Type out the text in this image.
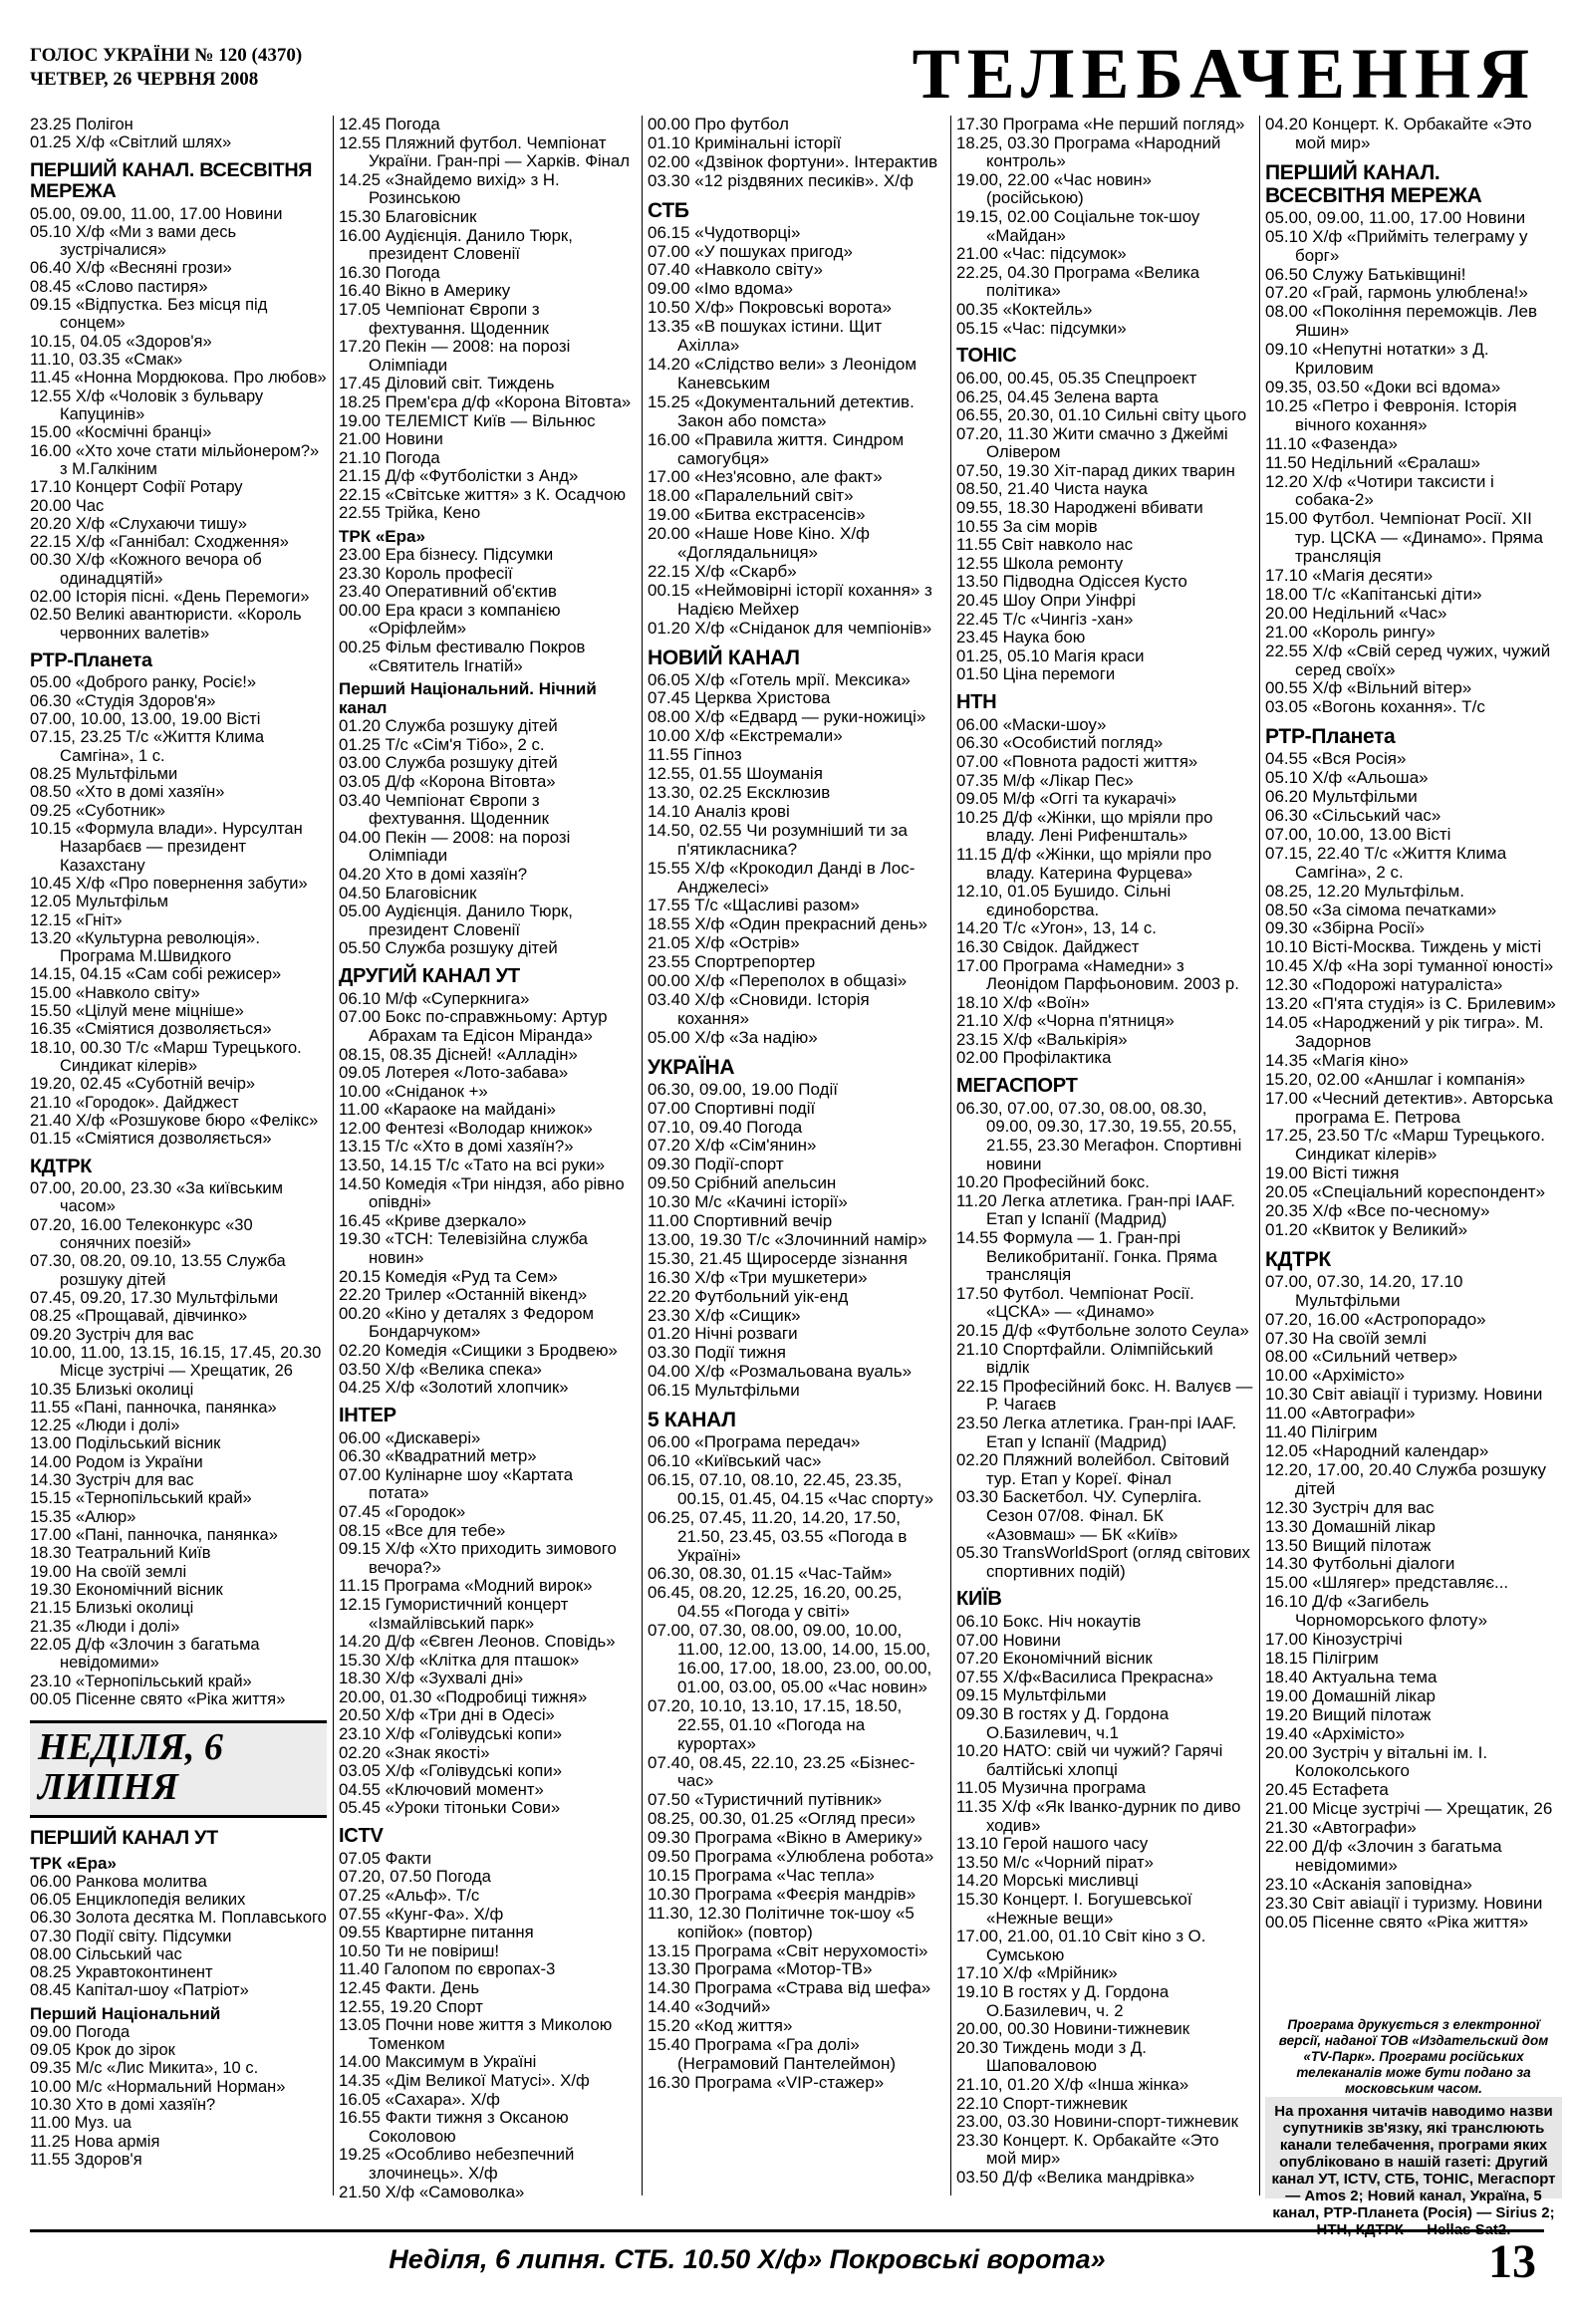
ГОЛОС УКРАЇНИ № 120 (4370)
ЧЕТВЕР, 26 ЧЕРВНЯ 2008	ТЕЛЕБАЧЕННЯ
23.25 Полігон
01.25 Х/ф «Світлий шлях»
ПЕРШИЙ КАНАЛ. ВСЕСВІТНЯ МЕРЕЖА
05.00, 09.00, 11.00, 17.00 Новини
05.10 Х/ф «Ми з вами десь зустрічалися»
06.40 Х/ф «Весняні грози»
08.45 «Слово пастиря»
09.15 «Відпустка. Без місця під сонцем»
10.15, 04.05 «Здоров'я»
11.10, 03.35 «Смак»
11.45 «Нонна Мордюкова. Про любов»
12.55 Х/ф «Чоловік з бульвару Капуцинів»
15.00 «Космічні бранці»
16.00 «Хто хоче стати мільйонером?» з М.Галкіним
17.10 Концерт Софії Ротару
20.00 Час
20.20 Х/ф «Слухаючи тишу»
22.15 Х/ф «Ганнібал: Сходження»
00.30 Х/ф «Кожного вечора об одинадцятій»
02.00 Історія пісні. «День Перемоги»
02.50 Великі авантюристи. «Король червонних валетів»
РТР-Планета
05.00 «Доброго ранку, Росіє!»
06.30 «Студія Здоров'я»
07.00, 10.00, 13.00, 19.00 Вісті
07.15, 23.25 Т/с «Життя Клима Самгіна», 1 с.
08.25 Мультфільми
08.50 «Хто в домі хазяїн»
09.25 «Суботник»
10.15 «Формула влади». Нурсултан Назарбаєв — президент Казахстану
10.45 Х/ф «Про повернення забути»
12.05 Мультфільм
12.15 «Гніт»
13.20 «Культурна революція». Програма М.Швидкого
14.15, 04.15 «Сам собі режисер»
15.00 «Навколо світу»
15.50 «Цілуй мене міцніше»
16.35 «Сміятися дозволяється»
18.10, 00.30 Т/с «Марш Турецького. Синдикат кілерів»
19.20, 02.45 «Суботній вечір»
21.10 «Городок». Дайджест
21.40 Х/ф «Розшукове бюро «Фелікс»
01.15 «Сміятися дозволяється»
КДТРК
07.00, 20.00, 23.30 «За київським часом»
07.20, 16.00 Телеконкурс «30 сонячних поезій»
07.30, 08.20, 09.10, 13.55 Служба розшуку дітей
07.45, 09.20, 17.30 Мультфільми
08.25 «Прощавай, дівчинко»
09.20 Зустріч для вас
10.00, 11.00, 13.15, 16.15, 17.45, 20.30 Місце зустрічі — Хрещатик, 26
10.35 Близькі околиці
11.55 «Пані, панночка, панянка»
12.25 «Люди і долі»
13.00 Подільський вісник
14.00 Родом із України
14.30 Зустріч для вас
15.15 «Тернопільський край»
15.35 «Алюр»
17.00 «Пані, панночка, панянка»
18.30 Театральний Київ
19.00 На своїй землі
19.30 Економічний вісник
21.15 Близькі околиці
21.35 «Люди і долі»
22.05 Д/ф «Злочин з багатьма невідомими»
23.10 «Тернопільський край»
00.05 Пісенне свято «Ріка життя»
НЕДІЛЯ, 6 ЛИПНЯ
ПЕРШИЙ КАНАЛ УТ
ТРК «Ера»
06.00 Ранкова молитва
06.05 Енциклопедія великих
06.30 Золота десятка М. Поплавського
07.30 Події світу. Підсумки
08.00 Сільський час
08.25 Укравтоконтинент
08.45 Капітал-шоу «Патріот»
Перший Національний
09.00 Погода
09.05 Крок до зірок
09.35 М/с «Лис Микита», 10 с.
10.00 М/с «Нормальний Норман»
10.30 Хто в домі хазяїн?
11.00 Муз. ua
11.25 Нова армія
11.55 Здоров'я
12.45 Погода
12.55 Пляжний футбол. Чемпіонат України. Гран-прі — Харків. Фінал
14.25 «Знайдемо вихід» з Н. Розинською
15.30 Благовісник
16.00 Аудієнція. Данило Тюрк, президент Словенії
16.30 Погода
16.40 Вікно в Америку
17.05 Чемпіонат Європи з фехтування. Щоденник
17.20 Пекін — 2008: на порозі Олімпіади
17.45 Діловий світ. Тиждень
18.25 Прем'єра д/ф «Корона Вітовта»
19.00 ТЕЛЕМІСТ Київ — Вільнюс
21.00 Новини
21.10 Погода
21.15 Д/ф «Футболістки з Анд»
22.15 «Світське життя» з К. Осадчою
22.55 Трійка, Кено
ТРК «Ера»
23.00 Ера бізнесу. Підсумки
23.30 Король професії
23.40 Оперативний об'єктив
00.00 Ера краси з компанією «Оріфлейм»
00.25 Фільм фестивалю Покров «Святитель Ігнатій»
Перший Національний. Нічний канал
01.20 Служба розшуку дітей
01.25 Т/с «Сім'я Тібо», 2 с.
03.00 Служба розшуку дітей
03.05 Д/ф «Корона Вітовта»
03.40 Чемпіонат Європи з фехтування. Щоденник
04.00 Пекін — 2008: на порозі Олімпіади
04.20 Хто в домі хазяїн?
04.50 Благовісник
05.00 Аудієнція. Данило Тюрк, президент Словенії
05.50 Служба розшуку дітей
ДРУГИЙ КАНАЛ УТ
06.10 М/ф «Суперкнига»
07.00 Бокс по-справжньому: Артур Абрахам та Едісон Міранда»
08.15, 08.35 Дісней! «Алладін»
09.05 Лотерея «Лото-забава»
10.00 «Сніданок +»
11.00 «Караоке на майдані»
12.00 Фентезі «Володар книжок»
13.15 Т/с «Хто в домі хазяїн?»
13.50, 14.15 Т/с «Тато на всі руки»
14.50 Комедія «Три ніндзя, або рівно опівдні»
16.45 «Криве дзеркало»
19.30 «ТСН: Телевізійна служба новин»
20.15 Комедія «Руд та Сем»
22.20 Трилер «Останній вікенд»
00.20 «Кіно у деталях з Федором Бондарчуком»
02.20 Комедія «Сищики з Бродвею»
03.50 Х/ф «Велика спека»
04.25 Х/ф «Золотий хлопчик»
ІНТЕР
06.00 «Дискавері»
06.30 «Квадратний метр»
07.00 Кулінарне шоу «Картата потата»
07.45 «Городок»
08.15 «Все для тебе»
09.15 Х/ф «Хто приходить зимового вечора?»
11.15 Програма «Модний вирок»
12.15 Гумористичний концерт «Ізмайлівський парк»
14.20 Д/ф «Євген Леонов. Сповідь»
15.30 Х/ф «Клітка для пташок»
18.30 Х/ф «Зухвалі дні»
20.00, 01.30 «Подробиці тижня»
20.50 Х/ф «Три дні в Одесі»
23.10 Х/ф «Голівудські копи»
02.20 «Знак якості»
03.05 Х/ф «Голівудські копи»
04.55 «Ключовий момент»
05.45 «Уроки тітоньки Сови»
ICTV
07.05 Факти
07.20, 07.50 Погода
07.25 «Альф». Т/с
07.55 «Кунг-Фа». Х/ф
09.55 Квартирне питання
10.50 Ти не повіриш!
11.40 Галопом по європах-3
12.45 Факти. День
12.55, 19.20 Спорт
13.05 Почни нове життя з Миколою Томенком
14.00 Максимум в Україні
14.35 «Дім Великої Матусі». Х/ф
16.05 «Сахара». Х/ф
16.55 Факти тижня з Оксаною Соколовою
19.25 «Особливо небезпечний злочинець». Х/ф
21.50 Х/ф «Самоволка»
00.00 Про футбол
01.10 Кримінальні історії
02.00 «Дзвінок фортуни». Інтерактив
03.30 «12 різдвяних песиків». Х/ф
СТБ
06.15 «Чудотворці»
07.00 «У пошуках пригод»
07.40 «Навколо світу»
09.00 «Імо вдома»
10.50 Х/ф» Покровські ворота»
13.35 «В пошуках істини. Щит Ахілла»
14.20 «Слідство вели» з Леонідом Каневським
15.25 «Документальний детектив. Закон або помста»
16.00 «Правила життя. Синдром самогубця»
17.00 «Нез'ясовно, але факт»
18.00 «Паралельний світ»
19.00 «Битва екстрасенсів»
20.00 «Наше Нове Кіно. Х/ф «Доглядальниця»
22.15 Х/ф «Скарб»
00.15 «Неймовірні історії кохання» з Надією Мейхер
01.20 Х/ф «Сніданок для чемпіонів»
НОВИЙ КАНАЛ
06.05 Х/ф «Готель мрії. Мексика»
07.45 Церква Христова
08.00 Х/ф «Едвард — руки-ножиці»
10.00 Х/ф «Екстремали»
11.55 Гіпноз
12.55, 01.55 Шоуманія
13.30, 02.25 Ексклюзив
14.10 Аналіз крові
14.50, 02.55 Чи розумніший ти за п'ятикласника?
15.55 Х/ф «Крокодил Данді в Лос-Анджелесі»
17.55 Т/с «Щасливі разом»
18.55 Х/ф «Один прекрасний день»
21.05 Х/ф «Острів»
23.55 Спортрепортер
00.00 Х/ф «Переполох в общазі»
03.40 Х/ф «Сновиди. Історія кохання»
05.00 Х/ф «За надію»
УКРАЇНА
06.30, 09.00, 19.00 Події
07.00 Спортивні події
07.10, 09.40 Погода
07.20 Х/ф «Сім'янин»
09.30 Події-спорт
09.50 Срібний апельсин
10.30 М/с «Качині історії»
11.00 Спортивний вечір
13.00, 19.30 Т/с «Злочинний намір»
15.30, 21.45 Щиросерде зізнання
16.30 Х/ф «Три мушкетери»
22.20 Футбольний уік-енд
23.30 Х/ф «Сищик»
01.20 Нічні розваги
03.30 Події тижня
04.00 Х/ф «Розмальована вуаль»
06.15 Мультфільми
5 КАНАЛ
06.00 «Програма передач»
06.10 «Київський час»
06.15, 07.10, 08.10, 22.45, 23.35, 00.15, 01.45, 04.15 «Час спорту»
06.25, 07.45, 11.20, 14.20, 17.50, 21.50, 23.45, 03.55 «Погода в Україні»
06.30, 08.30, 01.15 «Час-Тайм»
06.45, 08.20, 12.25, 16.20, 00.25, 04.55 «Погода у світі»
07.00, 07.30, 08.00, 09.00, 10.00, 11.00, 12.00, 13.00, 14.00, 15.00, 16.00, 17.00, 18.00, 23.00, 00.00, 01.00, 03.00, 05.00 «Час новин»
07.20, 10.10, 13.10, 17.15, 18.50, 22.55, 01.10 «Погода на курортах»
07.40, 08.45, 22.10, 23.25 «Бізнес-час»
07.50 «Туристичний путівник»
08.25, 00.30, 01.25 «Огляд преси»
09.30 Програма «Вікно в Америку»
09.50 Програма «Улюблена робота»
10.15 Програма «Час тепла»
10.30 Програма «Феєрія мандрів»
11.30, 12.30 Політичне ток-шоу «5 копійок» (повтор)
13.15 Програма «Світ нерухомості»
13.30 Програма «Мотор-ТВ»
14.30 Програма «Страва від шефа»
14.40 «Зодчий»
15.20 «Код життя»
15.40 Програма «Гра долі» (Неграмовий Пантелеймон)
16.30 Програма «VIP-стажер»
17.30 Програма «Не перший погляд»
18.25, 03.30 Програма «Народний контроль»
19.00, 22.00 «Час новин» (російською)
19.15, 02.00 Соціальне ток-шоу «Майдан»
21.00 «Час: підсумок»
22.25, 04.30 Програма «Велика політика»
00.35 «Коктейль»
05.15 «Час: підсумки»
ТОНІС
06.00, 00.45, 05.35 Спецпроект
06.25, 04.45 Зелена варта
06.55, 20.30, 01.10 Сильні світу цього
07.20, 11.30 Жити смачно з Джеймі Олівером
07.50, 19.30 Хіт-парад диких тварин
08.50, 21.40 Чиста наука
09.55, 18.30 Народжені вбивати
10.55 За сім морів
11.55 Світ навколо нас
12.55 Школа ремонту
13.50 Підводна Одіссея Кусто
20.45 Шоу Опри Уінфрі
22.45 Т/с «Чингіз -хан»
23.45 Наука бою
01.25, 05.10 Магія краси
01.50 Ціна перемоги
НТН
06.00 «Маски-шоу»
06.30 «Особистий погляд»
07.00 «Повнота радості життя»
07.35 М/ф «Лікар Пес»
09.05 М/ф «Оггі та кукарачі»
10.25 Д/ф «Жінки, що мріяли про владу. Лені Рифеншталь»
11.15 Д/ф «Жінки, що мріяли про владу. Катерина Фурцева»
12.10, 01.05 Бушидо. Сільні єдиноборства.
14.20 Т/с «Угон», 13, 14 с.
16.30 Свідок. Дайджест
17.00 Програма «Намедни» з Леонідом Парфьоновим. 2003 р.
18.10 Х/ф «Воїн»
21.10 Х/ф «Чорна п'ятниця»
23.15 Х/ф «Валькірія»
02.00 Профілактика
МЕГАСПОРТ
06.30, 07.00, 07.30, 08.00, 08.30, 09.00, 09.30, 17.30, 19.55, 20.55, 21.55, 23.30 Мегафон. Спортивні новини
10.20 Професійний бокс.
11.20 Легка атлетика. Гран-прі IAAF. Етап у Іспанії (Мадрид)
14.55 Формула — 1. Гран-прі Великобританії. Гонка. Пряма трансляція
17.50 Футбол. Чемпіонат Росії. «ЦСКА» — «Динамо»
20.15 Д/ф «Футбольне золото Сеула»
21.10 Спортфайли. Олімпійський відлік
22.15 Професійний бокс. Н. Валуєв — Р. Чагаєв
23.50 Легка атлетика. Гран-прі IAAF. Етап у Іспанії (Мадрид)
02.20 Пляжний волейбол. Світовий тур. Етап у Кореї. Фінал
03.30 Баскетбол. ЧУ. Суперліга. Сезон 07/08. Фінал. БК «Азовмаш» — БК «Київ»
05.30 TransWorldSport (огляд світових спортивних подій)
КИЇВ
06.10 Бокс. Ніч нокаутів
07.00 Новини
07.20 Економічний вісник
07.55 Х/ф«Василиса Прекрасна»
09.15 Мультфільми
09.30 В гостях у Д. Гордона О.Базилевич, ч.1
10.20 НАТО: свій чи чужий? Гарячі балтійські хлопці
11.05 Музична програма
11.35 Х/ф «Як Іванко-дурник по диво ходив»
13.10 Герой нашого часу
13.50 М/с «Чорний пірат»
14.20 Морські мисливці
15.30 Концерт. І. Богушевської «Нежные вещи»
17.00, 21.00, 01.10 Світ кіно з О. Сумською
17.10 Х/ф «Мрійник»
19.10 В гостях у Д. Гордона О.Базилевич, ч. 2
20.00, 00.30 Новини-тижневик
20.30 Тиждень моди з Д. Шаповаловою
21.10, 01.20 Х/ф «Інша жінка»
22.10 Спорт-тижневик
23.00, 03.30 Новини-спорт-тижневик
23.30 Концерт. К. Орбакайте «Это мой мир»
03.50 Д/ф «Велика мандрівка»
04.20 Концерт. К. Орбакайте «Это мой мир»
ПЕРШИЙ КАНАЛ. ВСЕСВІТНЯ МЕРЕЖА
05.00, 09.00, 11.00, 17.00 Новини
05.10 Х/ф «Прийміть телеграму у борг»
06.50 Служу Батьківщині!
07.20 «Грай, гармонь улюблена!»
08.00 «Покоління переможців. Лев Яшин»
09.10 «Непутні нотатки» з Д. Криловим
09.35, 03.50 «Доки всі вдома»
10.25 «Петро і Февронія. Історія вічного кохання»
11.10 «Фазенда»
11.50 Недільний «Єралаш»
12.20 Х/ф «Чотири таксисти і собака-2»
15.00 Футбол. Чемпіонат Росії. XII тур. ЦСКА — «Динамо». Пряма трансляція
17.10 «Магія десяти»
18.00 Т/с «Капітанські діти»
20.00 Недільний «Час»
21.00 «Король рингу»
22.55 Х/ф «Свій серед чужих, чужий серед своїх»
00.55 Х/ф «Вільний вітер»
03.05 «Вогонь кохання». Т/с
РТР-Планета
04.55 «Вся Росія»
05.10 Х/ф «Альоша»
06.20 Мультфільми
06.30 «Сільський час»
07.00, 10.00, 13.00 Вісті
07.15, 22.40 Т/с «Життя Клима Самгіна», 2 с.
08.25, 12.20 Мультфільм.
08.50 «За сімома печатками»
09.30 «Збірна Росії»
10.10 Вісті-Москва. Тиждень у місті
10.45 Х/ф «На зорі туманної юності»
12.30 «Подорожі натураліста»
13.20 «П'ята студія» із С. Брилевим»
14.05 «Народжений у рік тигра». М. Задорнов
14.35 «Магія кіно»
15.20, 02.00 «Аншлаг і компанія»
17.00 «Чесний детектив». Авторська програма Е. Петрова
17.25, 23.50 Т/с «Марш Турецького. Синдикат кілерів»
19.00 Вісті тижня
20.05 «Спеціальний кореспондент»
20.35 Х/ф «Все по-чесному»
01.20 «Квиток у Великий»
КДТРК
07.00, 07.30, 14.20, 17.10 Мультфільми
07.20, 16.00 «Астропорадо»
07.30 На своїй землі
08.00 «Сильний четвер»
10.00 «Архімісто»
10.30 Світ авіації і туризму. Новини
11.00 «Автографи»
11.40 Пілігрим
12.05 «Народний календар»
12.20, 17.00, 20.40 Служба розшуку дітей
12.30 Зустріч для вас
13.30 Домашній лікар
13.50 Вищий пілотаж
14.30 Футбольні діалоги
15.00 «Шлягер» представляє...
16.10 Д/ф «Загибель Чорноморського флоту»
17.00 Кінозустрічі
18.15 Пілігрим
18.40 Актуальна тема
19.00 Домашній лікар
19.20 Вищий пілотаж
19.40 «Архімісто»
20.00 Зустріч у вітальні ім. І. Колоколського
20.45 Естафета
21.00 Місце зустрічі — Хрещатик, 26
21.30 «Автографи»
22.00 Д/ф «Злочин з багатьма невідомими»
23.10 «Асканія заповідна»
23.30 Світ авіації і туризму. Новини
00.05 Пісенне свято «Ріка життя»
Програма друкується з електронної версії, наданої ТОВ «Издательский дом «TV-Парк». Програми російських телеканалів може бути подано за московським часом.
На прохання читачів наводимо назви супутників зв'язку, які транслюють канали телебачення, програми яких опубліковано в нашій газеті: Другий канал УТ, ICTV, СТБ, ТОНІС, Мегаспорт — Amos 2; Новий канал, Україна, 5 канал, РТР-Планета (Росія) — Sirius 2; НТН, КДТРК — Hellas Sat2.
Неділя, 6 липня. СТБ. 10.50 Х/ф» Покровські ворота»	13
